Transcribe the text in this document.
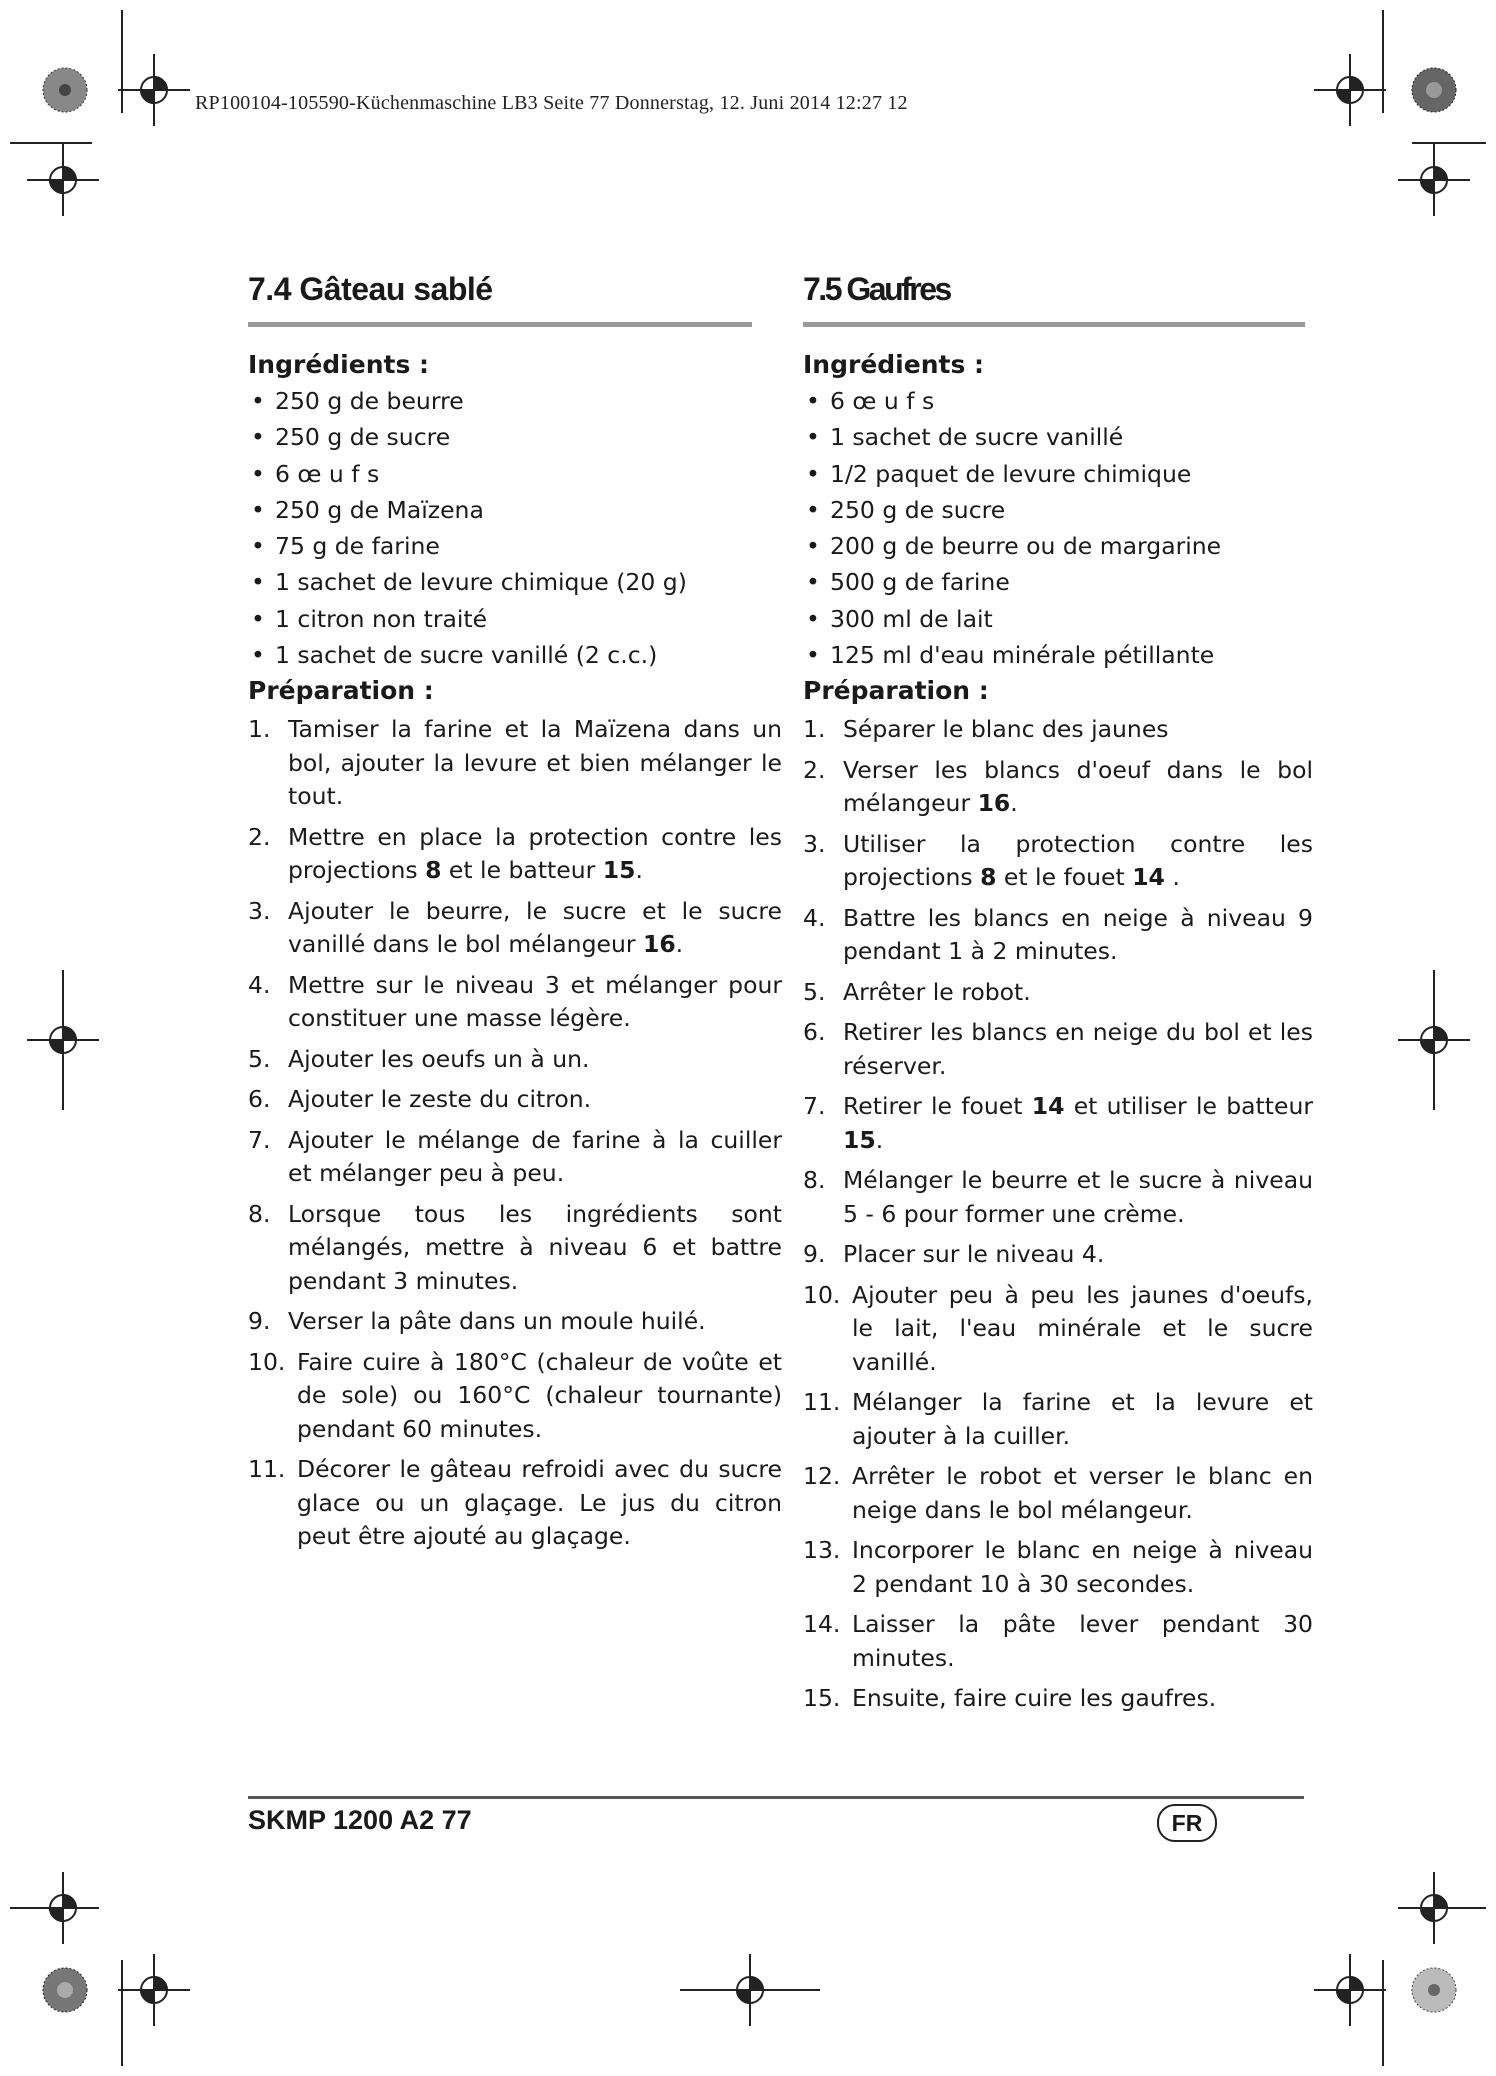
RP100104-105590-Küchenmaschine LB3 Seite 77 Donnerstag, 12. Juni 2014 12:27 12
7.4 Gâteau sablé
Ingrédients :
• 250 g de beurre
• 250 g de sucre
• 6 œ u f s
• 250 g de Maïzena
• 75 g de farine
• 1 sachet de levure chimique (20 g)
• 1 citron non traité
• 1 sachet de sucre vanillé (2 c.c.)
Préparation :
1. Tamiser la farine et la Maïzena dans un bol, ajouter la levure et bien mélanger le tout.
2. Mettre en place la protection contre les projections 8 et le batteur 15.
3. Ajouter le beurre, le sucre et le sucre vanillé dans le bol mélangeur 16.
4. Mettre sur le niveau 3 et mélanger pour constituer une masse légère.
5. Ajouter les oeufs un à un.
6. Ajouter le zeste du citron.
7. Ajouter le mélange de farine à la cuiller et mélanger peu à peu.
8. Lorsque tous les ingrédients sont mélangés, mettre à niveau 6 et battre pendant 3 minutes.
9. Verser la pâte dans un moule huilé.
10. Faire cuire à 180°C (chaleur de voûte et de sole) ou 160°C (chaleur tournante) pendant 60 minutes.
11. Décorer le gâteau refroidi avec du sucre glace ou un glaçage. Le jus du citron peut être ajouté au glaçage.
7.5 Gaufres
Ingrédients :
• 6 œ u f s
• 1 sachet de sucre vanillé
• 1/2 paquet de levure chimique
• 250 g de sucre
• 200 g de beurre ou de margarine
• 500 g de farine
• 300 ml de lait
• 125 ml d'eau minérale pétillante
Préparation :
1. Séparer le blanc des jaunes
2. Verser les blancs d'oeuf dans le bol mélangeur 16.
3. Utiliser la protection contre les projections 8 et le fouet 14 .
4. Battre les blancs en neige à niveau 9 pendant 1 à 2 minutes.
5. Arrêter le robot.
6. Retirer les blancs en neige du bol et les réserver.
7. Retirer le fouet 14 et utiliser le batteur 15.
8. Mélanger le beurre et le sucre à niveau 5 - 6 pour former une crème.
9. Placer sur le niveau 4.
10. Ajouter peu à peu les jaunes d'oeufs, le lait, l'eau minérale et le sucre vanillé.
11. Mélanger la farine et la levure et ajouter à la cuiller.
12. Arrêter le robot et verser le blanc en neige dans le bol mélangeur.
13. Incorporer le blanc en neige à niveau 2 pendant 10 à 30 secondes.
14. Laisser la pâte lever pendant 30 minutes.
15. Ensuite, faire cuire les gaufres.
SKMP 1200 A2 77	FR
